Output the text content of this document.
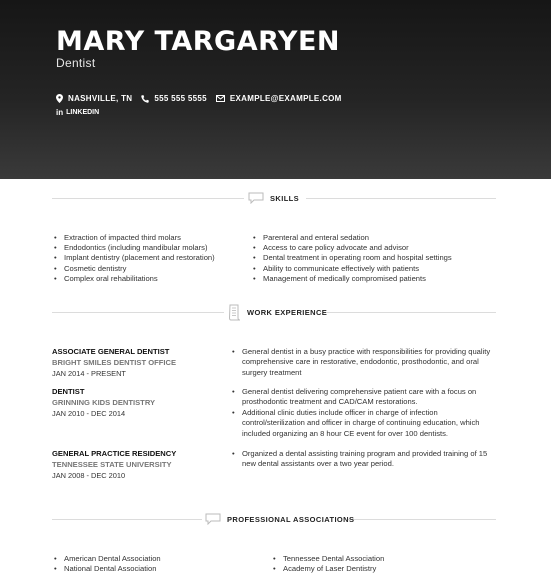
MARY TARGARYEN
Dentist
NASHVILLE, TN	555 555 5555	EXAMPLE@EXAMPLE.COM
in LINKEDIN
SKILLS
• Extraction of impacted third molars
• Endodontics (including mandibular molars)
• Implant dentistry (placement and restoration)
• Cosmetic dentistry
• Complex oral rehabilitations
• Parenteral and enteral sedation
• Access to care policy advocate and advisor
• Dental treatment in operating room and hospital settings
• Ability to communicate effectively with patients
• Management of medically compromised patients
WORK EXPERIENCE
ASSOCIATE GENERAL DENTIST
BRIGHT SMILES DENTIST OFFICE
JAN 2014 - PRESENT
• General dentist in a busy practice with responsibilities for providing quality comprehensive care in restorative, endodontic, prosthodontic, and oral surgery treatment
DENTIST
GRINNING KIDS DENTISTRY
JAN 2010 - DEC 2014
• General dentist delivering comprehensive patient care with a focus on prosthodontic treatment and CAD/CAM restorations.
• Additional clinic duties include officer in charge of infection control/sterilization and officer in charge of continuing education, which included organizing an 8 hour CE event for over 100 dentists.
GENERAL PRACTICE RESIDENCY
TENNESSEE STATE UNIVERSITY
JAN 2008 - DEC 2010
• Organized a dental assisting training program and provided training of 15 new dental assistants over a two year period.
PROFESSIONAL ASSOCIATIONS
• American Dental Association
• National Dental Association
• Tennessee Dental Association
• Academy of Laser Dentistry
